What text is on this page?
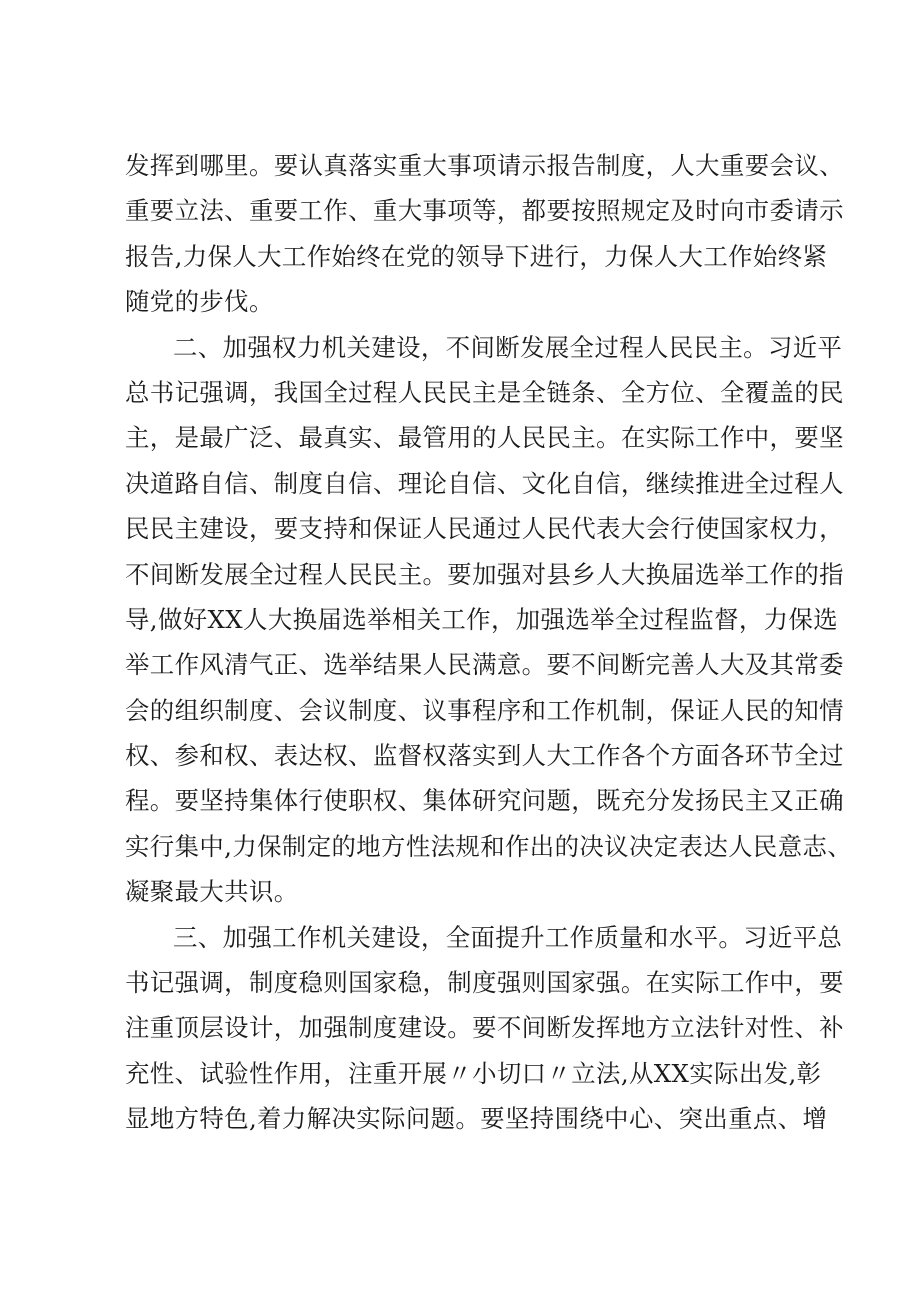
发挥到哪里。要认真落实重大事项请示报告制度，人大重要会议、
重要立法、重要工作、重大事项等，都要按照规定及时向市委请示
报告,力保人大工作始终在党的领导下进行，力保人大工作始终紧
随党的步伐。
二、加强权力机关建设，不间断发展全过程人民民主。习近平
总书记强调，我国全过程人民民主是全链条、全方位、全覆盖的民
主，是最广泛、最真实、最管用的人民民主。在实际工作中，要坚
决道路自信、制度自信、理论自信、文化自信，继续推进全过程人
民民主建设，要支持和保证人民通过人民代表大会行使国家权力，
不间断发展全过程人民民主。要加强对县乡人大换届选举工作的指
导,做好XX人大换届选举相关工作，加强选举全过程监督，力保选
举工作风清气正、选举结果人民满意。要不间断完善人大及其常委
会的组织制度、会议制度、议事程序和工作机制，保证人民的知情
权、参和权、表达权、监督权落实到人大工作各个方面各环节全过
程。要坚持集体行使职权、集体研究问题，既充分发扬民主又正确
实行集中,力保制定的地方性法规和作出的决议决定表达人民意志、
凝聚最大共识。
三、加强工作机关建设，全面提升工作质量和水平。习近平总
书记强调，制度稳则国家稳，制度强则国家强。在实际工作中，要
注重顶层设计，加强制度建设。要不间断发挥地方立法针对性、补
充性、试验性作用，注重开展〃小切口〃立法,从XX实际出发,彰
显地方特色,着力解决实际问题。要坚持围绕中心、突出重点、增
